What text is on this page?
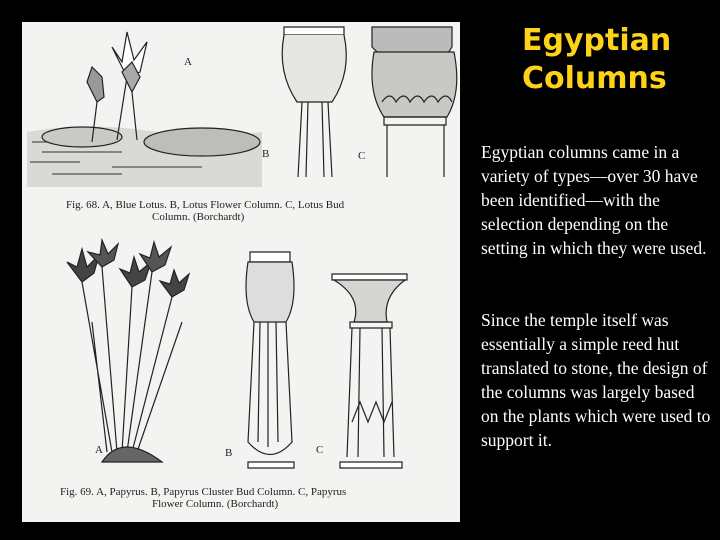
A
B	C
Fig. 68. A, Blue Lotus. B, Lotus Flower Column. C, Lotus Bud
Column. (Borchardt)
A	B	C
Fig. 69. A, Papyrus. B, Papyrus Cluster Bud Column. C, Papyrus
Flower Column. (Borchardt)
Egyptian
Columns

Egyptian columns came in a variety of types—over 30 have been identified—with the selection depending on the setting in which they were used.

Since the temple itself was essentially a simple reed hut translated to stone, the design of the columns was largely based on the plants which were used to support it.
